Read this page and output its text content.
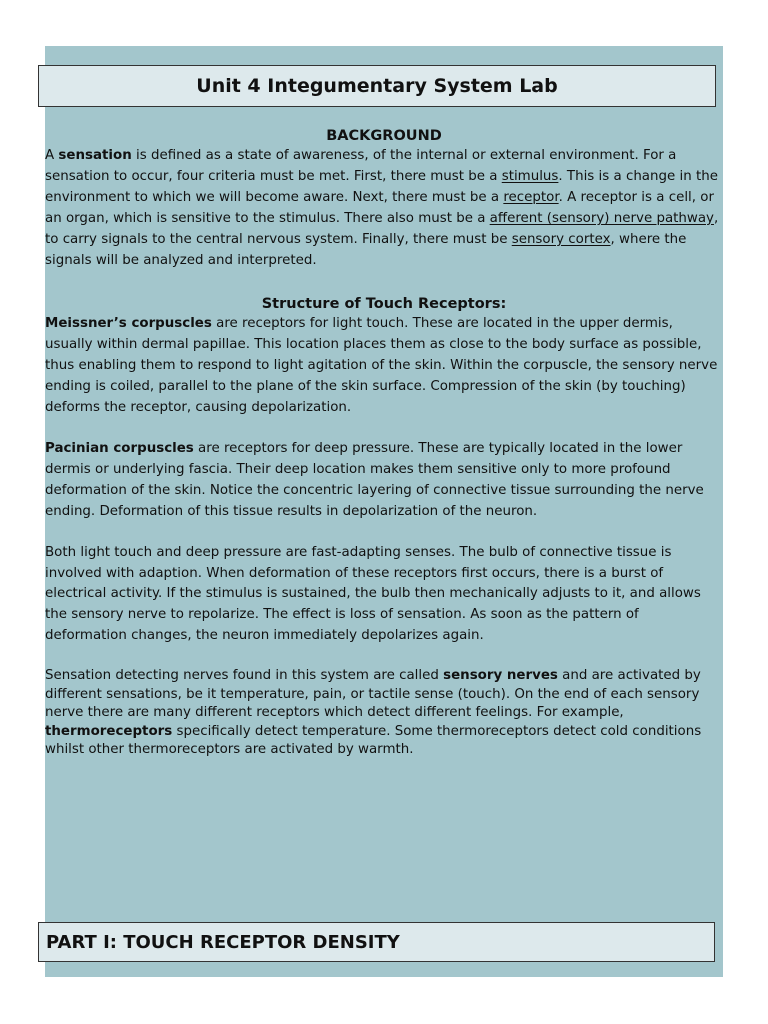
Unit 4 Integumentary System Lab
BACKGROUND

A sensation is defined as a state of awareness, of the internal or external environment. For a sensation to occur, four criteria must be met. First, there must be a stimulus. This is a change in the environment to which we will become aware. Next, there must be a receptor. A receptor is a cell, or an organ, which is sensitive to the stimulus. There also must be a afferent (sensory) nerve pathway, to carry signals to the central nervous system. Finally, there must be sensory cortex, where the signals will be analyzed and interpreted.

Structure of Touch Receptors:

Meissner’s corpuscles are receptors for light touch. These are located in the upper dermis, usually within dermal papillae. This location places them as close to the body surface as possible, thus enabling them to respond to light agitation of the skin. Within the corpuscle, the sensory nerve ending is coiled, parallel to the plane of the skin surface. Compression of the skin (by touching) deforms the receptor, causing depolarization.

Pacinian corpuscles are receptors for deep pressure. These are typically located in the lower dermis or underlying fascia. Their deep location makes them sensitive only to more profound deformation of the skin. Notice the concentric layering of connective tissue surrounding the nerve ending. Deformation of this tissue results in depolarization of the neuron.

Both light touch and deep pressure are fast-adapting senses. The bulb of connective tissue is involved with adaption. When deformation of these receptors first occurs, there is a burst of electrical activity. If the stimulus is sustained, the bulb then mechanically adjusts to it, and allows the sensory nerve to repolarize. The effect is loss of sensation. As soon as the pattern of deformation changes, the neuron immediately depolarizes again.

Sensation detecting nerves found in this system are called sensory nerves and are activated by different sensations, be it temperature, pain, or tactile sense (touch). On the end of each sensory nerve there are many different receptors which detect different feelings. For example, thermoreceptors specifically detect temperature. Some thermoreceptors detect cold conditions whilst other thermoreceptors are activated by warmth.

PART I: TOUCH RECEPTOR DENSITY
